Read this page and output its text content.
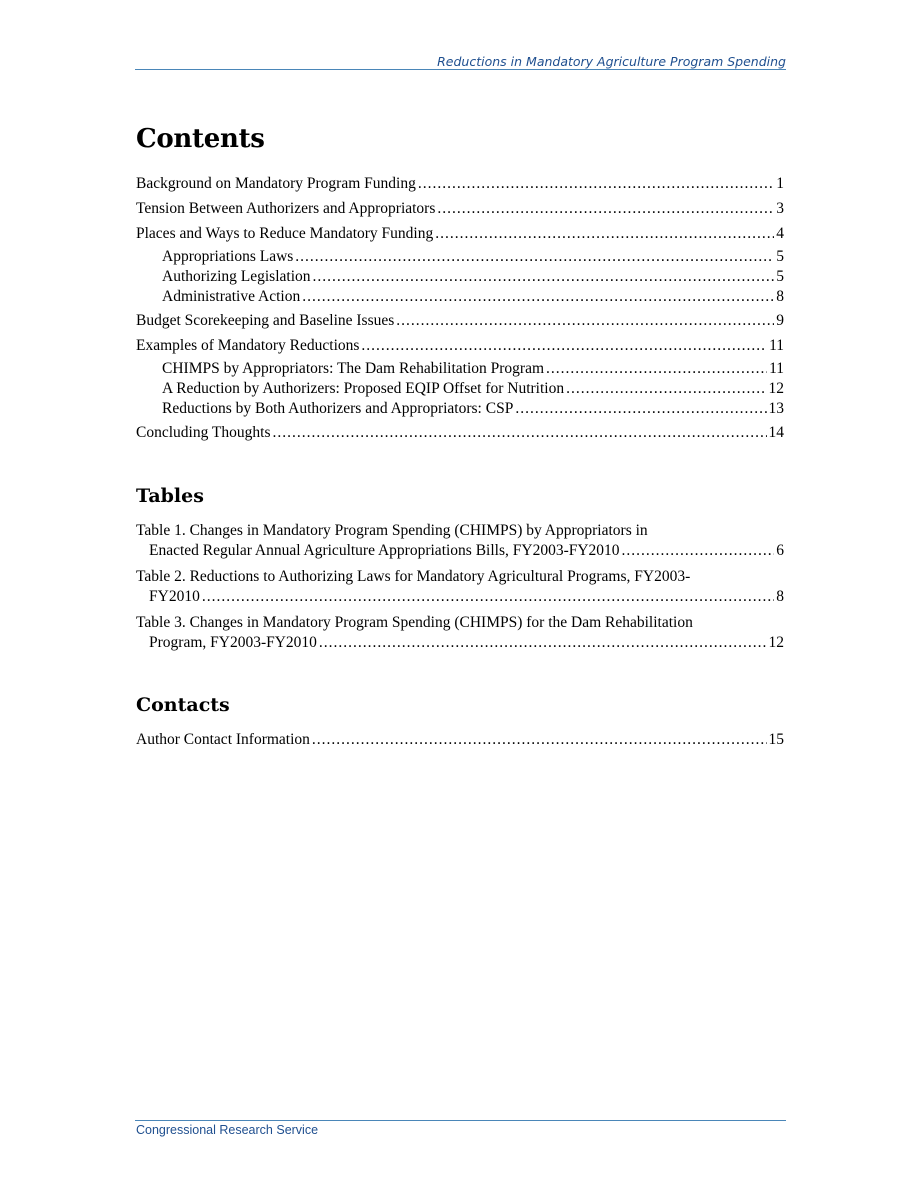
Reductions in Mandatory Agriculture Program Spending
Contents
Background on Mandatory Program Funding .....	1
Tension Between Authorizers and Appropriators .....	3
Places and Ways to Reduce Mandatory Funding .....	4
Appropriations Laws .....	5
Authorizing Legislation .....	5
Administrative Action .....	8
Budget Scorekeeping and Baseline Issues .....	9
Examples of Mandatory Reductions .....	11
CHIMPS by Appropriators: The Dam Rehabilitation Program .....	11
A Reduction by Authorizers: Proposed EQIP Offset for Nutrition .....	12
Reductions by Both Authorizers and Appropriators: CSP .....	13
Concluding Thoughts .....	14
Tables
Table 1. Changes in Mandatory Program Spending (CHIMPS) by Appropriators in
Enacted Regular Annual Agriculture Appropriations Bills, FY2003-FY2010 .....	6
Table 2. Reductions to Authorizing Laws for Mandatory Agricultural Programs, FY2003-
FY2010 .....	8
Table 3. Changes in Mandatory Program Spending (CHIMPS) for the Dam Rehabilitation
Program, FY2003-FY2010 .....	12
Contacts
Author Contact Information .....	15
Congressional Research Service
